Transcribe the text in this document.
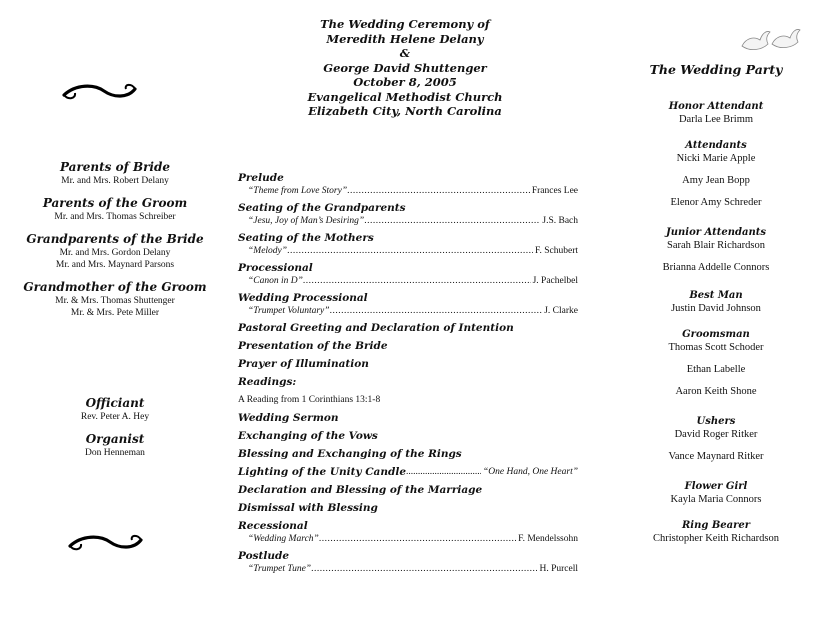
The Wedding Ceremony of
Meredith Helene Delany
&
George David Shuttenger
October 8, 2005
Evangelical Methodist Church
Elizabeth City, North Carolina
Parents of Bride
Mr. and Mrs. Robert Delany
Parents of the Groom
Mr. and Mrs. Thomas Schreiber
Grandparents of the Bride
Mr. and Mrs. Gordon Delany
Mr. and Mrs. Maynard Parsons
Grandmother of the Groom
Mr. & Mrs. Thomas Shuttenger
Mr. & Mrs. Pete Miller
Officiant
Rev. Peter A. Hey
Organist
Don Henneman
Prelude
“Theme from Love Story” .....	Frances Lee
Seating of the Grandparents
“Jesu, Joy of Man’s Desiring” .....	J.S. Bach
Seating of the Mothers
“Melody” .....	F. Schubert
Processional
“Canon in D” .....	J. Pachelbel
Wedding Processional
“Trumpet Voluntary” .....	J. Clarke
Pastoral Greeting and Declaration of Intention
Presentation of the Bride
Prayer of Illumination
Readings:
A Reading from 1 Corinthians 13:1-8
Wedding Sermon
Exchanging of the Vows
Blessing and Exchanging of the Rings
Lighting of the Unity Candle .....	“One Hand, One Heart”
Declaration and Blessing of the Marriage
Dismissal with Blessing
Recessional
“Wedding March” .....	F. Mendelssohn
Postlude
“Trumpet Tune” .....	H. Purcell
The Wedding Party
Honor Attendant
Darla Lee Brimm
Attendants
Nicki Marie Apple
Amy Jean Bopp
Elenor Amy Schreder
Junior Attendants
Sarah Blair Richardson
Brianna Addelle Connors
Best Man
Justin David Johnson
Groomsman
Thomas Scott Schoder
Ethan Labelle
Aaron Keith Shone
Ushers
David Roger Ritker
Vance Maynard Ritker
Flower Girl
Kayla Maria Connors
Ring Bearer
Christopher Keith Richardson
